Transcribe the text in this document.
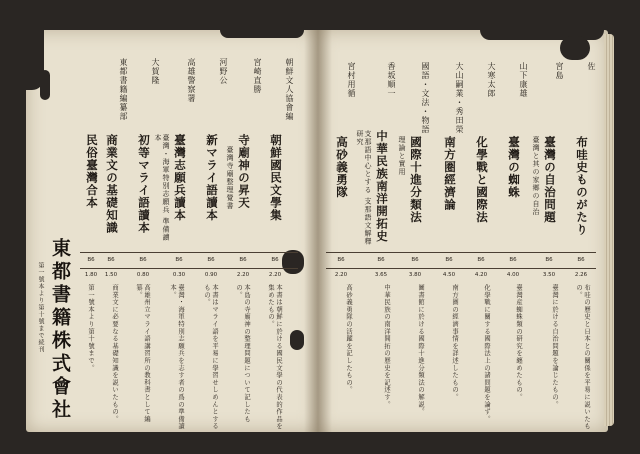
朝鮮文人協會編
朝鮮國民文學集
B6
2.20
本書は朝鮮に於ける國民文學の代表的作品を集めたもの。
宮崎直勝
寺廟神の昇天
臺灣寺廟整理覺書
B6
2.20
本島の寺廟神の整理問題について記したもの。
河野公
新マライ語讀本
B6
0.90
本書はマライ語を平易に學習せしめんとするもの。
高雄警察署
臺灣志願兵讀本
臺灣・海軍特別志願兵 準備讀本
B6
0.30
臺灣・海軍特別志願兵を志す者の爲の準備讀本。
大賀隆
初等マライ語讀本
B6
0.80
高雄州立マライ語講習所の教科書として編纂。
東都書籍編纂部
商業文の基礎知識
B6
1.50
商業文に必要なる基礎知識を説いたもの。
民俗臺灣合本
B6
1.80
第一號本より第十號まで。
東都書籍株式會社
第一號本より第十號まで続刊
佐
布哇史ものがたり
B6
2.26
布哇の歷史と日本との關係を平易に説いたもの。
宮島
臺灣の自治問題
臺灣と其の家鄉の自治
B6
3.50
臺灣に於ける自治問題を論じたもの。
山下康雄
臺灣の蜘蛛
B6
4.00
臺灣産蜘蛛類の研究を纏めたもの。
大寒太郎
化學戰と國際法
B6
4.20
化學戰に關する國際法上の諸問題を論ず。
大山嗣業・秀田榮
南方圏經濟論
B6
4.50
南方圏の經濟事情を詳述したもの。
國語・文法・物語
國際十進分類法
理論と實用
B6
3.80
圖書館に於ける國際十進分類法の解説。
香坂順一
中華民族南洋開拓史
支那語中心とする 支那語文解釋研究
B6
3.65
中華民族の南洋開拓の歴史を記述す。
宮村用循
高砂義勇隊
B6
2.20
高砂義勇隊の活躍を記したもの。
